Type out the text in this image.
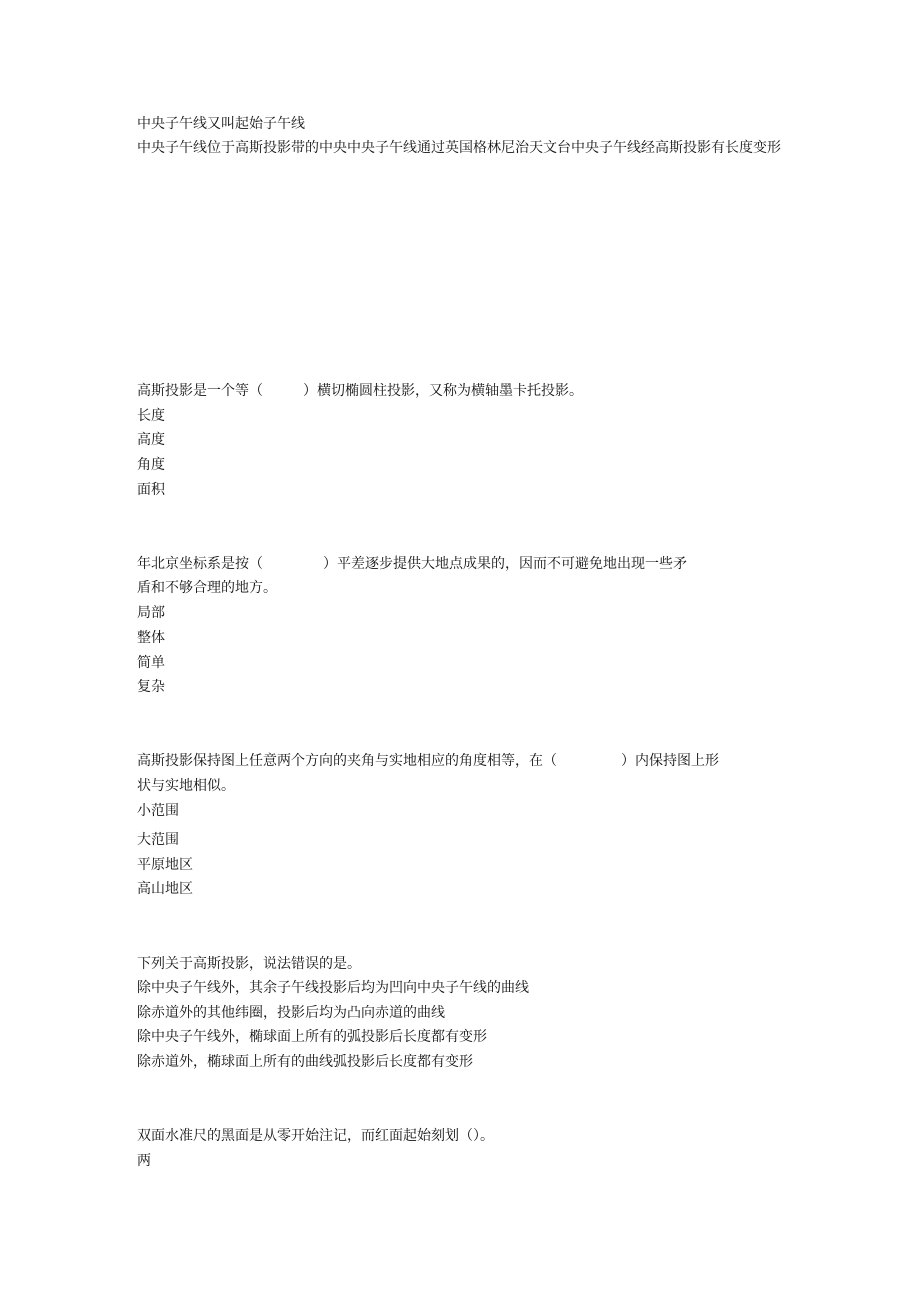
中央子午线又叫起始子午线
中央子午线位于高斯投影带的中央中央子午线通过英国格林尼治天文台中央子午线经高斯投影有长度变形
高斯投影是一个等（	）横切椭圆柱投影，又称为横轴墨卡托投影。
长度
高度
角度
面积
年北京坐标系是按（	）平差逐步提供大地点成果的，因而不可避免地出现一些矛
盾和不够合理的地方。
局部
整体
简单
复杂
高斯投影保持图上任意两个方向的夹角与实地相应的角度相等，在（	）内保持图上形
状与实地相似。
小范围
大范围
平原地区
高山地区
下列关于高斯投影，说法错误的是。
除中央子午线外，其余子午线投影后均为凹向中央子午线的曲线
除赤道外的其他纬圈，投影后均为凸向赤道的曲线
除中央子午线外，椭球面上所有的弧投影后长度都有变形
除赤道外，椭球面上所有的曲线弧投影后长度都有变形
双面水准尺的黑面是从零开始注记，而红面起始刻划（）。
两
